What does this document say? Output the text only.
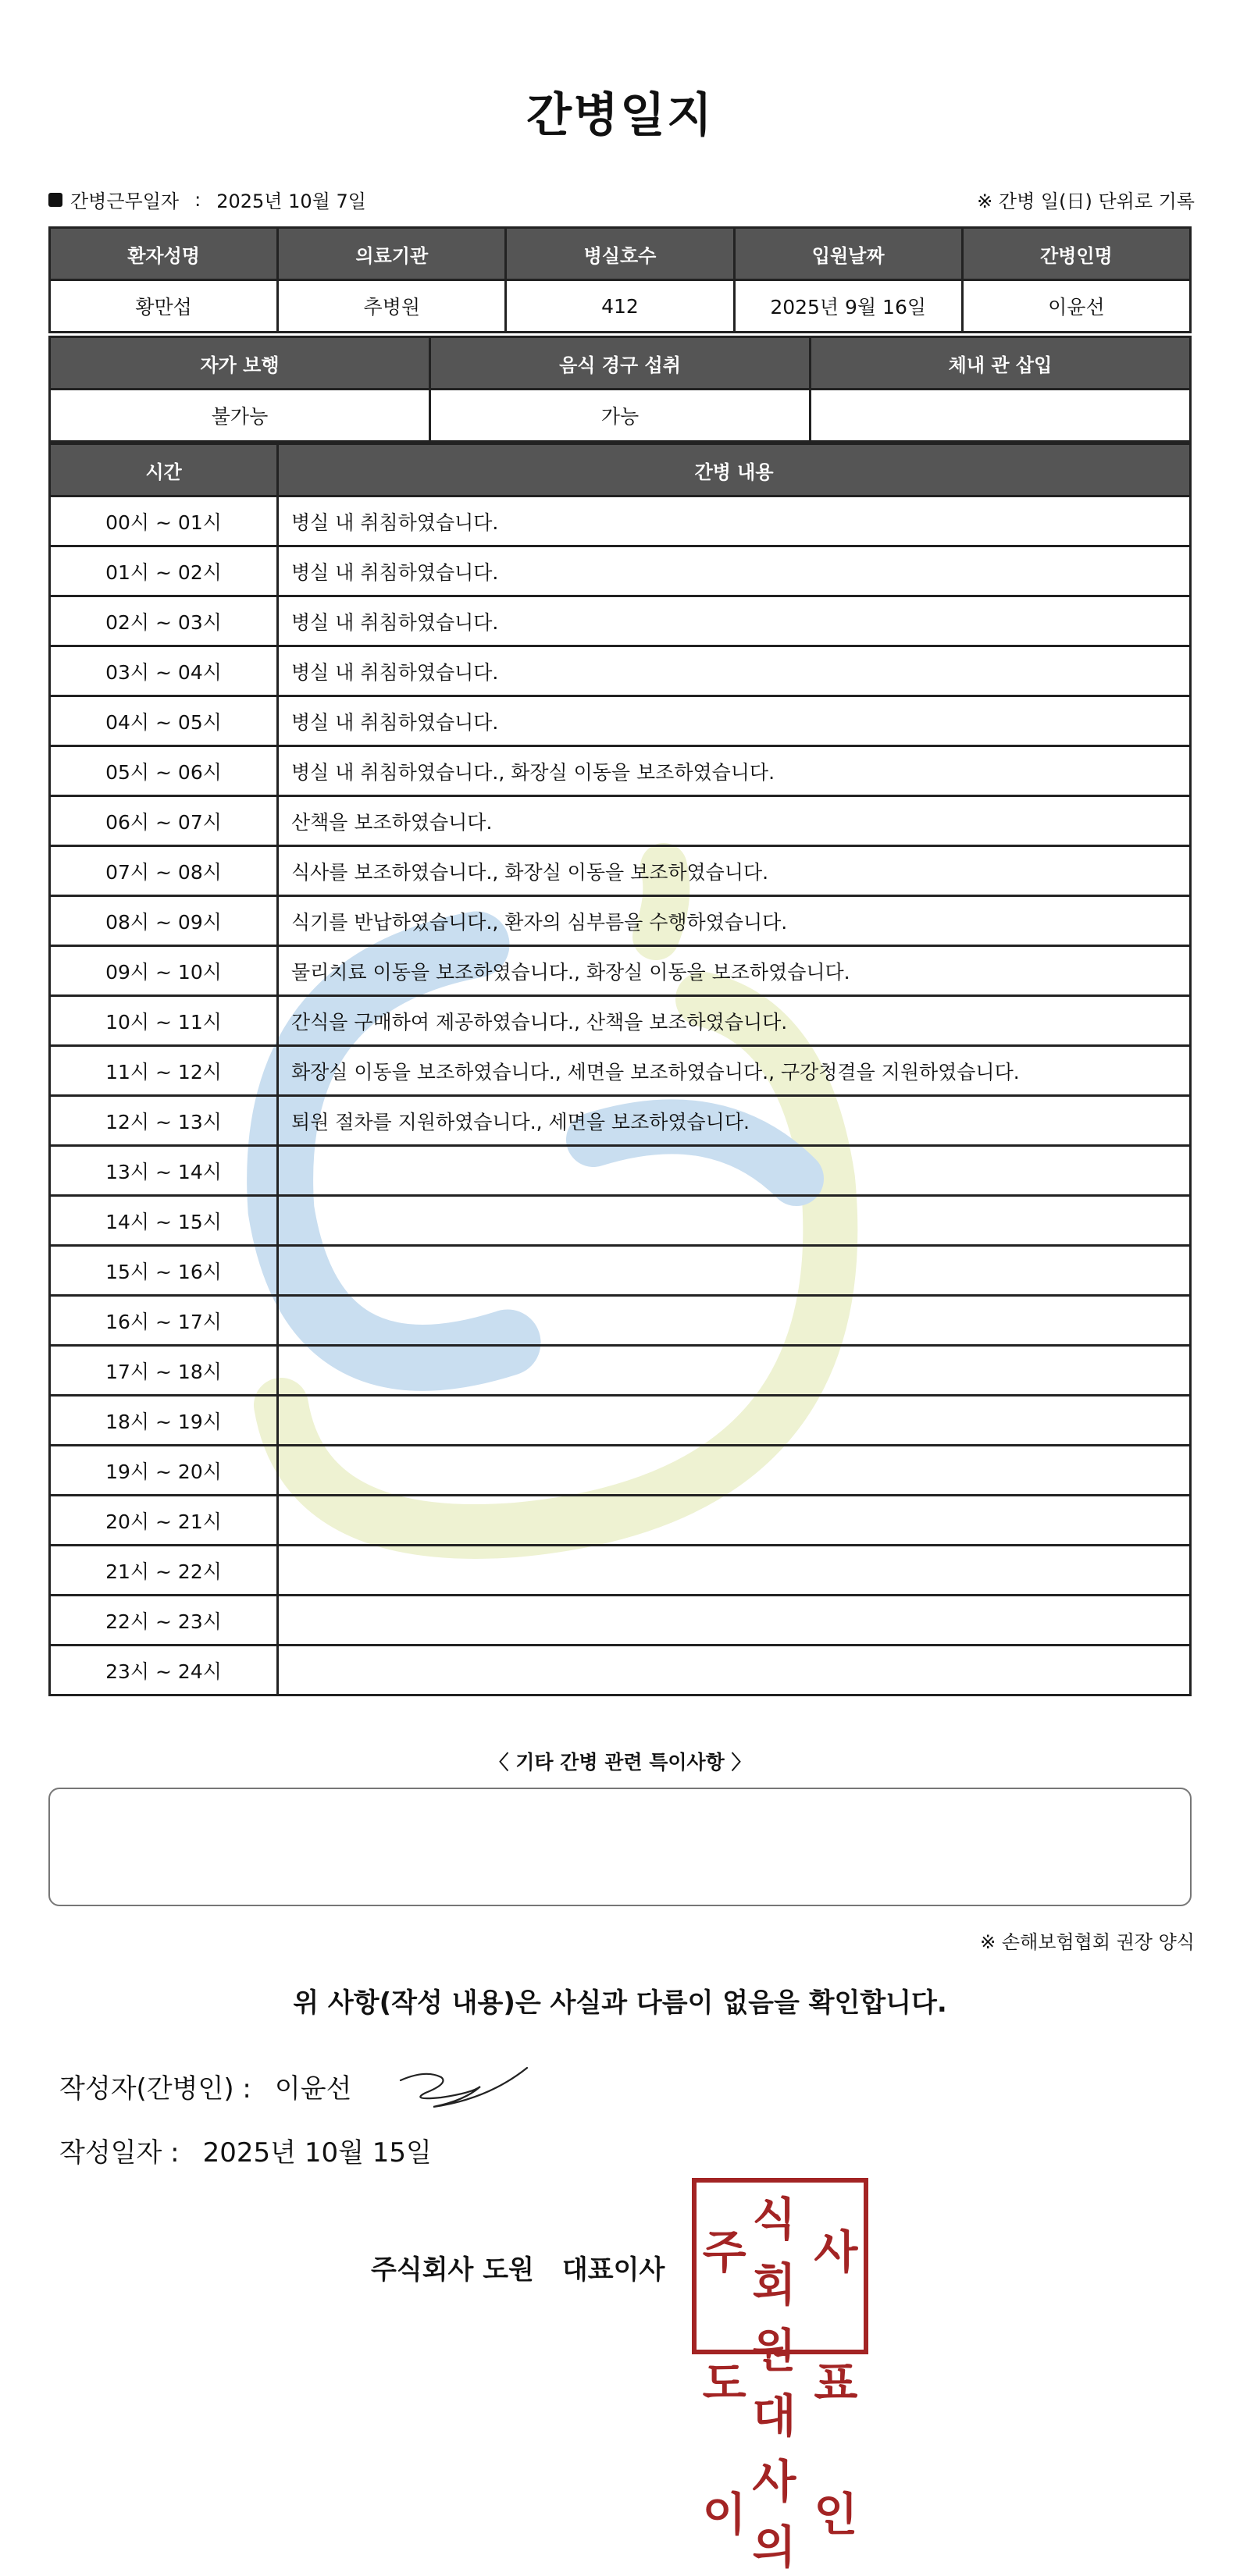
간병일지
간병근무일자 : 2025년 10월 7일	※ 간병 일(日) 단위로 기록
환자성명	의료기관	병실호수	입원날짜	간병인명
황만섭	추병원	412	2025년 9월 16일	이윤선
자가 보행	음식 경구 섭취	체내 관 삽입
불가능	가능	
시간	간병 내용
00시 ~ 01시	병실 내 취침하였습니다.
01시 ~ 02시	병실 내 취침하였습니다.
02시 ~ 03시	병실 내 취침하였습니다.
03시 ~ 04시	병실 내 취침하였습니다.
04시 ~ 05시	병실 내 취침하였습니다.
05시 ~ 06시	병실 내 취침하였습니다., 화장실 이동을 보조하였습니다.
06시 ~ 07시	산책을 보조하였습니다.
07시 ~ 08시	식사를 보조하였습니다., 화장실 이동을 보조하였습니다.
08시 ~ 09시	식기를 반납하였습니다., 환자의 심부름을 수행하였습니다.
09시 ~ 10시	물리치료 이동을 보조하였습니다., 화장실 이동을 보조하였습니다.
10시 ~ 11시	간식을 구매하여 제공하였습니다., 산책을 보조하였습니다.
11시 ~ 12시	화장실 이동을 보조하였습니다., 세면을 보조하였습니다., 구강청결을 지원하였습니다.
12시 ~ 13시	퇴원 절차를 지원하였습니다., 세면을 보조하였습니다.
13시 ~ 14시	
14시 ~ 15시	
15시 ~ 16시	
16시 ~ 17시	
17시 ~ 18시	
18시 ~ 19시	
19시 ~ 20시	
20시 ~ 21시	
21시 ~ 22시	
22시 ~ 23시	
23시 ~ 24시	
〈 기타 간병 관련 특이사항 〉
※ 손해보험협회 권장 양식
위 사항(작성 내용)은 사실과 다름이 없음을 확인합니다.
작성자(간병인) : 이윤선
작성일자 : 2025년 10월 15일
주식회사 도원 대표이사 주
식회
사
도
원대
표
이
사의
인
